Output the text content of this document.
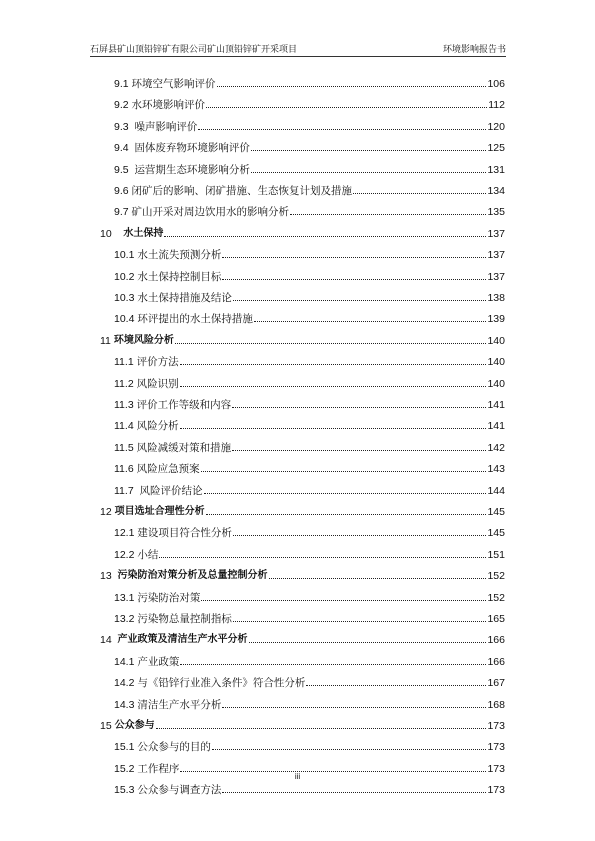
石屏县矿山顶铅锌矿有限公司矿山顶铅锌矿开采项目	环境影响报告书
9.1 环境空气影响评价	106
9.2 水环境影响评价	112
9.3 噪声影响评价	120
9.4 固体废弃物环境影响评价	125
9.5 运营期生态环境影响分析	131
9.6 闭矿后的影响、闭矿措施、生态恢复计划及措施	134
9.7 矿山开采对周边饮用水的影响分析	135
10 水土保持	137
10.1 水土流失预测分析	137
10.2 水土保持控制目标	137
10.3 水土保持措施及结论	138
10.4 环评提出的水土保持措施	139
11 环境风险分析	140
11.1 评价方法	140
11.2 风险识别	140
11.3 评价工作等级和内容	141
11.4 风险分析	141
11.5 风险减缓对策和措施	142
11.6 风险应急预案	143
11.7 风险评价结论	144
12 项目选址合理性分析	145
12.1 建设项目符合性分析	145
12.2 小结	151
13 污染防治对策分析及总量控制分析	152
13.1 污染防治对策	152
13.2 污染物总量控制指标	165
14 产业政策及清洁生产水平分析	166
14.1 产业政策	166
14.2 与《铅锌行业准入条件》符合性分析	167
14.3 清洁生产水平分析	168
15 公众参与	173
15.1 公众参与的目的	173
15.2 工作程序	173
15.3 公众参与调查方法	173
iii
